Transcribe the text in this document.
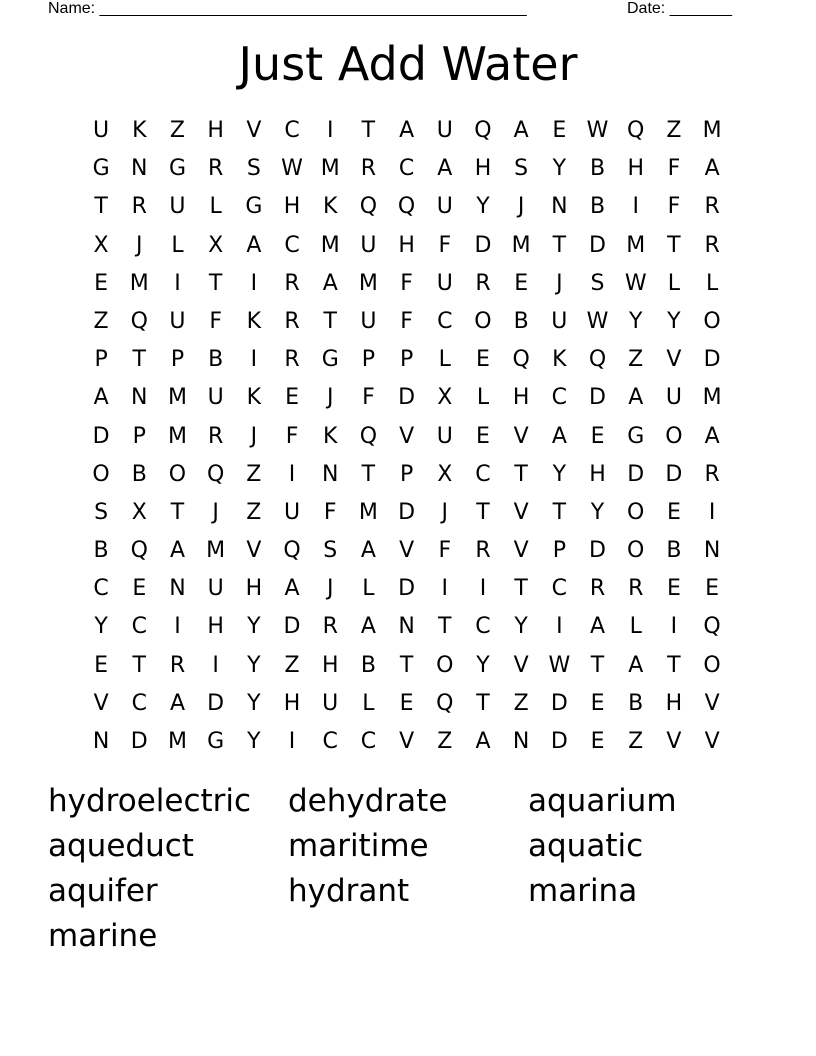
Name: ________________________________________________	Date: _______
Just Add Water
U	K	Z	H	V	C	I	T	A	U Q	A	E W Q Z M
G N G	R	S W M R	C	A	H	S	Y	B	H	F	A
T	R	U	L	G H	K	Q Q U	Y	J	N	B	I	F	R
X	J	L	X	A	C M U H	F	D M T	D M T	R
E M	I	T	I	R	A M	F	U	R	E	J	S W L	L
Z Q U	F	K	R	T	U	F	C O B	U W Y	Y	O
P	T	P	B	I	R	G	P	P	L	E	Q	K	Q Z	V	D
A	N M U	K	E	J	F	D	X	L	H	C	D	A	U M
D	P	M R	J	F	K	Q	V	U	E	V	A	E	G O	A
O B O Q Z	I	N	T	P	X	C	T	Y	H D D	R
S	X	T	J	Z	U	F	M D	J	T	V	T	Y	O	E	I
B Q	A M V Q	S	A	V	F	R	V	P	D O B	N
C	E	N U H	A	J	L	D	I	I	T	C	R	R	E	E
Y	C	I	H	Y	D	R	A	N	T	C	Y	I	A	L	I	Q
E	T	R	I	Y	Z	H	B	T	O	Y	V W T	A	T	O
V	C	A	D	Y	H U	L	E	Q	T	Z	D	E	B	H	V
N D M G	Y	I	C	C	V	Z	A	N D	E	Z	V	V
hydroelectric	dehydrate	aquarium
aqueduct	maritime	aquatic
aquifer	hydrant	marina
marine
